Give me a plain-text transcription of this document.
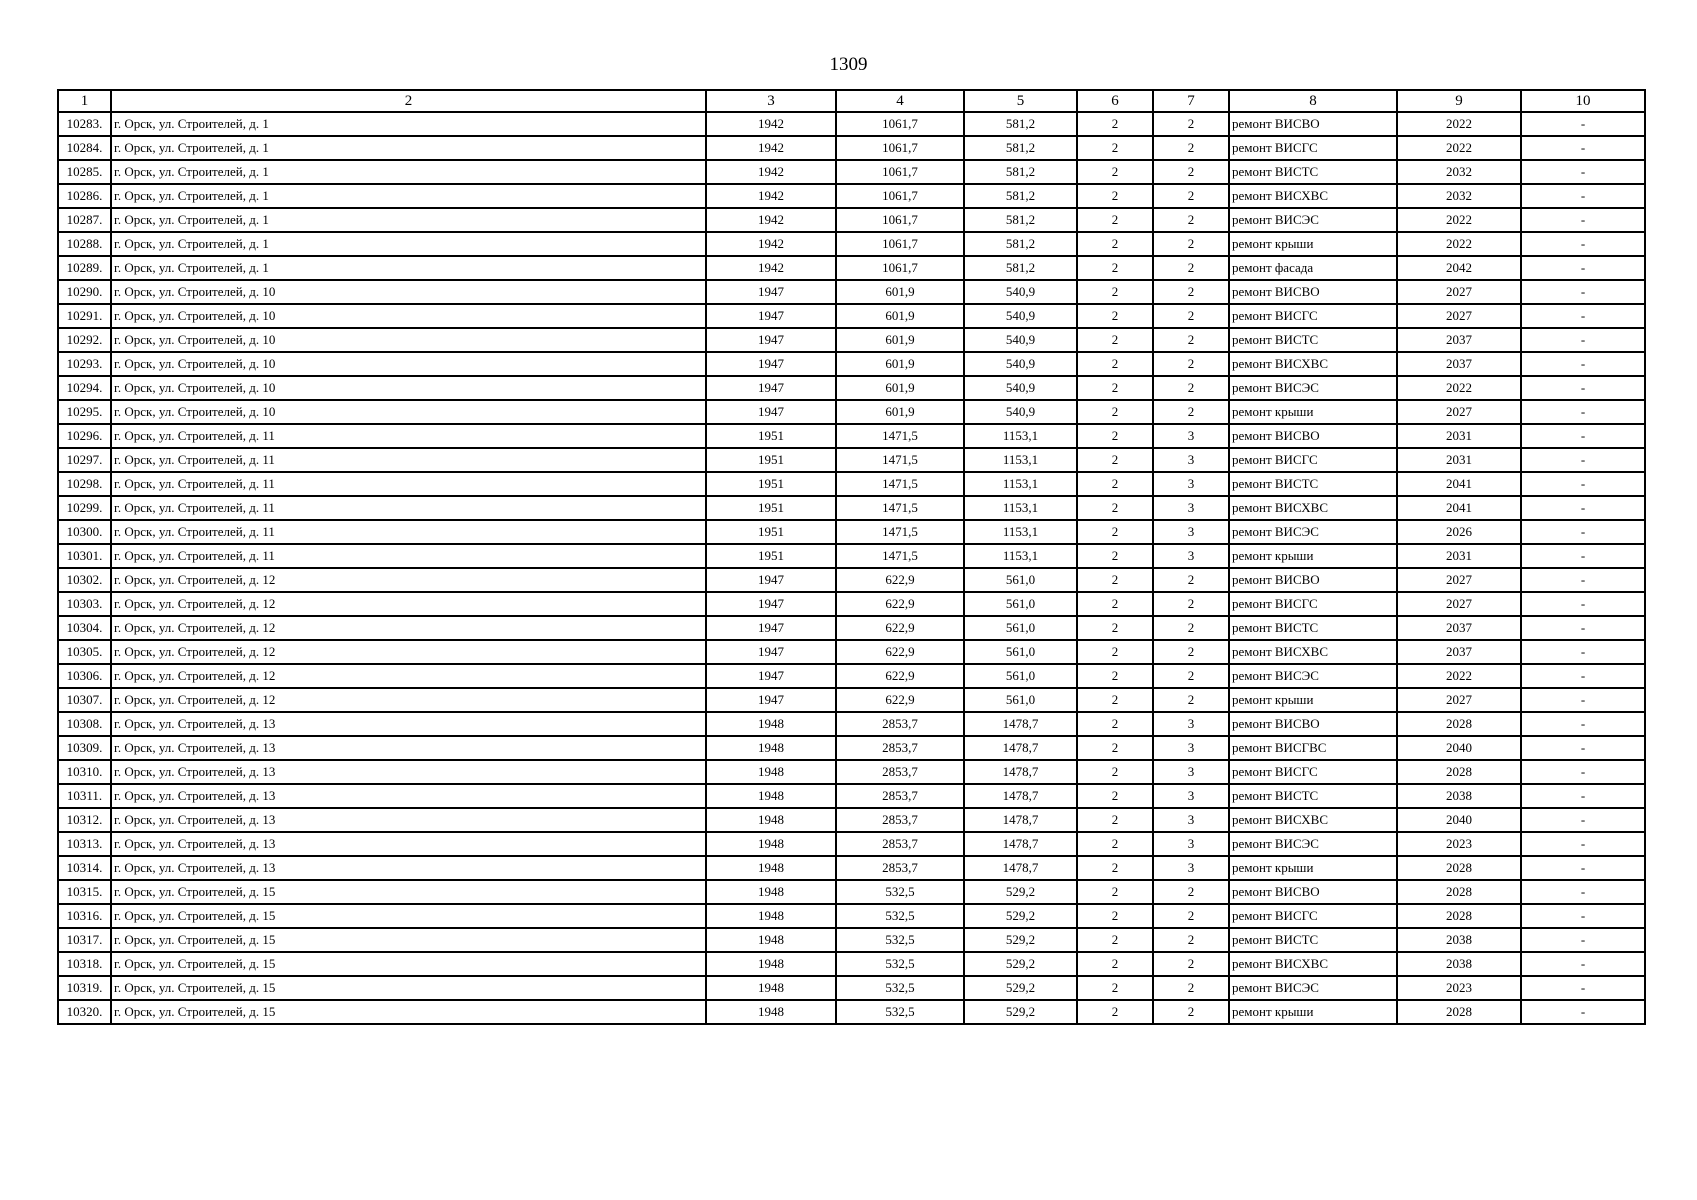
1309
1	2	3	4	5	6	7	8	9	10
10283.	г. Орск, ул. Строителей, д. 1	1942	1061,7	581,2	2	2	ремонт ВИСВО	2022	-
10284.	г. Орск, ул. Строителей, д. 1	1942	1061,7	581,2	2	2	ремонт ВИСГС	2022	-
10285.	г. Орск, ул. Строителей, д. 1	1942	1061,7	581,2	2	2	ремонт ВИСТС	2032	-
10286.	г. Орск, ул. Строителей, д. 1	1942	1061,7	581,2	2	2	ремонт ВИСХВС	2032	-
10287.	г. Орск, ул. Строителей, д. 1	1942	1061,7	581,2	2	2	ремонт ВИСЭС	2022	-
10288.	г. Орск, ул. Строителей, д. 1	1942	1061,7	581,2	2	2	ремонт крыши	2022	-
10289.	г. Орск, ул. Строителей, д. 1	1942	1061,7	581,2	2	2	ремонт фасада	2042	-
10290.	г. Орск, ул. Строителей, д. 10	1947	601,9	540,9	2	2	ремонт ВИСВО	2027	-
10291.	г. Орск, ул. Строителей, д. 10	1947	601,9	540,9	2	2	ремонт ВИСГС	2027	-
10292.	г. Орск, ул. Строителей, д. 10	1947	601,9	540,9	2	2	ремонт ВИСТС	2037	-
10293.	г. Орск, ул. Строителей, д. 10	1947	601,9	540,9	2	2	ремонт ВИСХВС	2037	-
10294.	г. Орск, ул. Строителей, д. 10	1947	601,9	540,9	2	2	ремонт ВИСЭС	2022	-
10295.	г. Орск, ул. Строителей, д. 10	1947	601,9	540,9	2	2	ремонт крыши	2027	-
10296.	г. Орск, ул. Строителей, д. 11	1951	1471,5	1153,1	2	3	ремонт ВИСВО	2031	-
10297.	г. Орск, ул. Строителей, д. 11	1951	1471,5	1153,1	2	3	ремонт ВИСГС	2031	-
10298.	г. Орск, ул. Строителей, д. 11	1951	1471,5	1153,1	2	3	ремонт ВИСТС	2041	-
10299.	г. Орск, ул. Строителей, д. 11	1951	1471,5	1153,1	2	3	ремонт ВИСХВС	2041	-
10300.	г. Орск, ул. Строителей, д. 11	1951	1471,5	1153,1	2	3	ремонт ВИСЭС	2026	-
10301.	г. Орск, ул. Строителей, д. 11	1951	1471,5	1153,1	2	3	ремонт крыши	2031	-
10302.	г. Орск, ул. Строителей, д. 12	1947	622,9	561,0	2	2	ремонт ВИСВО	2027	-
10303.	г. Орск, ул. Строителей, д. 12	1947	622,9	561,0	2	2	ремонт ВИСГС	2027	-
10304.	г. Орск, ул. Строителей, д. 12	1947	622,9	561,0	2	2	ремонт ВИСТС	2037	-
10305.	г. Орск, ул. Строителей, д. 12	1947	622,9	561,0	2	2	ремонт ВИСХВС	2037	-
10306.	г. Орск, ул. Строителей, д. 12	1947	622,9	561,0	2	2	ремонт ВИСЭС	2022	-
10307.	г. Орск, ул. Строителей, д. 12	1947	622,9	561,0	2	2	ремонт крыши	2027	-
10308.	г. Орск, ул. Строителей, д. 13	1948	2853,7	1478,7	2	3	ремонт ВИСВО	2028	-
10309.	г. Орск, ул. Строителей, д. 13	1948	2853,7	1478,7	2	3	ремонт ВИСГВС	2040	-
10310.	г. Орск, ул. Строителей, д. 13	1948	2853,7	1478,7	2	3	ремонт ВИСГС	2028	-
10311.	г. Орск, ул. Строителей, д. 13	1948	2853,7	1478,7	2	3	ремонт ВИСТС	2038	-
10312.	г. Орск, ул. Строителей, д. 13	1948	2853,7	1478,7	2	3	ремонт ВИСХВС	2040	-
10313.	г. Орск, ул. Строителей, д. 13	1948	2853,7	1478,7	2	3	ремонт ВИСЭС	2023	-
10314.	г. Орск, ул. Строителей, д. 13	1948	2853,7	1478,7	2	3	ремонт крыши	2028	-
10315.	г. Орск, ул. Строителей, д. 15	1948	532,5	529,2	2	2	ремонт ВИСВО	2028	-
10316.	г. Орск, ул. Строителей, д. 15	1948	532,5	529,2	2	2	ремонт ВИСГС	2028	-
10317.	г. Орск, ул. Строителей, д. 15	1948	532,5	529,2	2	2	ремонт ВИСТС	2038	-
10318.	г. Орск, ул. Строителей, д. 15	1948	532,5	529,2	2	2	ремонт ВИСХВС	2038	-
10319.	г. Орск, ул. Строителей, д. 15	1948	532,5	529,2	2	2	ремонт ВИСЭС	2023	-
10320.	г. Орск, ул. Строителей, д. 15	1948	532,5	529,2	2	2	ремонт крыши	2028	-
